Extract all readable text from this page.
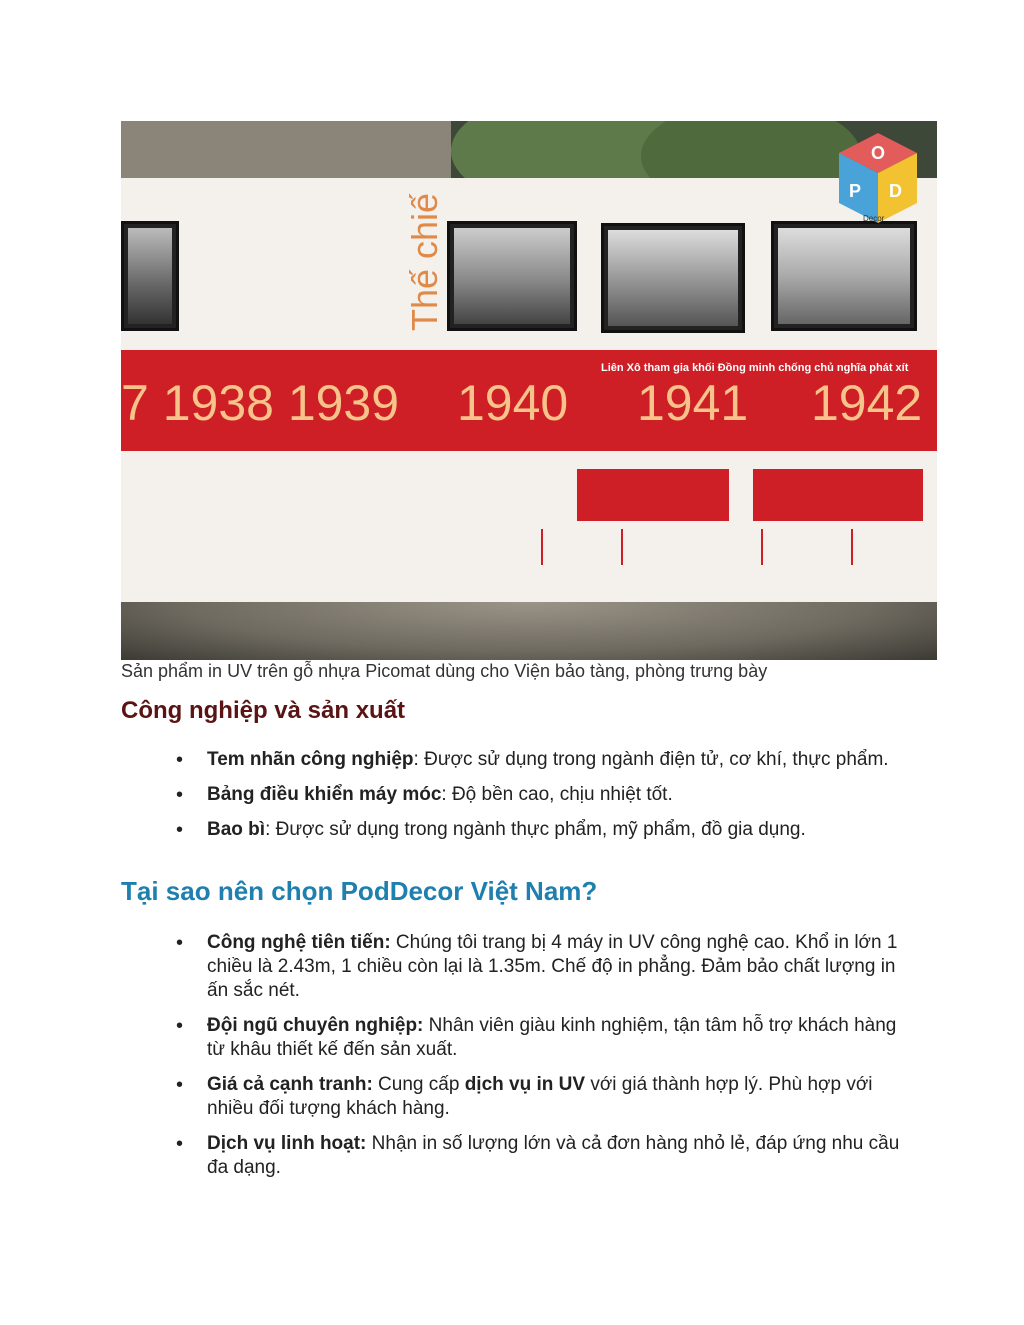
Thế chiế
O
P D
Decor
Liên Xô tham gia khối Đồng minh chống chủ nghĩa phát xít
7 1938 1939 1940 1941 1942
Sản phẩm in UV trên gỗ nhựa Picomat dùng cho Viện bảo tàng, phòng trưng bày
Công nghiệp và sản xuất
• Tem nhãn công nghiệp: Được sử dụng trong ngành điện tử, cơ khí, thực phẩm.
• Bảng điều khiển máy móc: Độ bền cao, chịu nhiệt tốt.
• Bao bì: Được sử dụng trong ngành thực phẩm, mỹ phẩm, đồ gia dụng.
Tại sao nên chọn PodDecor Việt Nam?
• Công nghệ tiên tiến: Chúng tôi trang bị 4 máy in UV công nghệ cao. Khổ in lớn 1 chiều là 2.43m, 1 chiều còn lại là 1.35m. Chế độ in phẳng. Đảm bảo chất lượng in ấn sắc nét.
• Đội ngũ chuyên nghiệp: Nhân viên giàu kinh nghiệm, tận tâm hỗ trợ khách hàng từ khâu thiết kế đến sản xuất.
• Giá cả cạnh tranh: Cung cấp dịch vụ in UV với giá thành hợp lý. Phù hợp với nhiều đối tượng khách hàng.
• Dịch vụ linh hoạt: Nhận in số lượng lớn và cả đơn hàng nhỏ lẻ, đáp ứng nhu cầu đa dạng.
